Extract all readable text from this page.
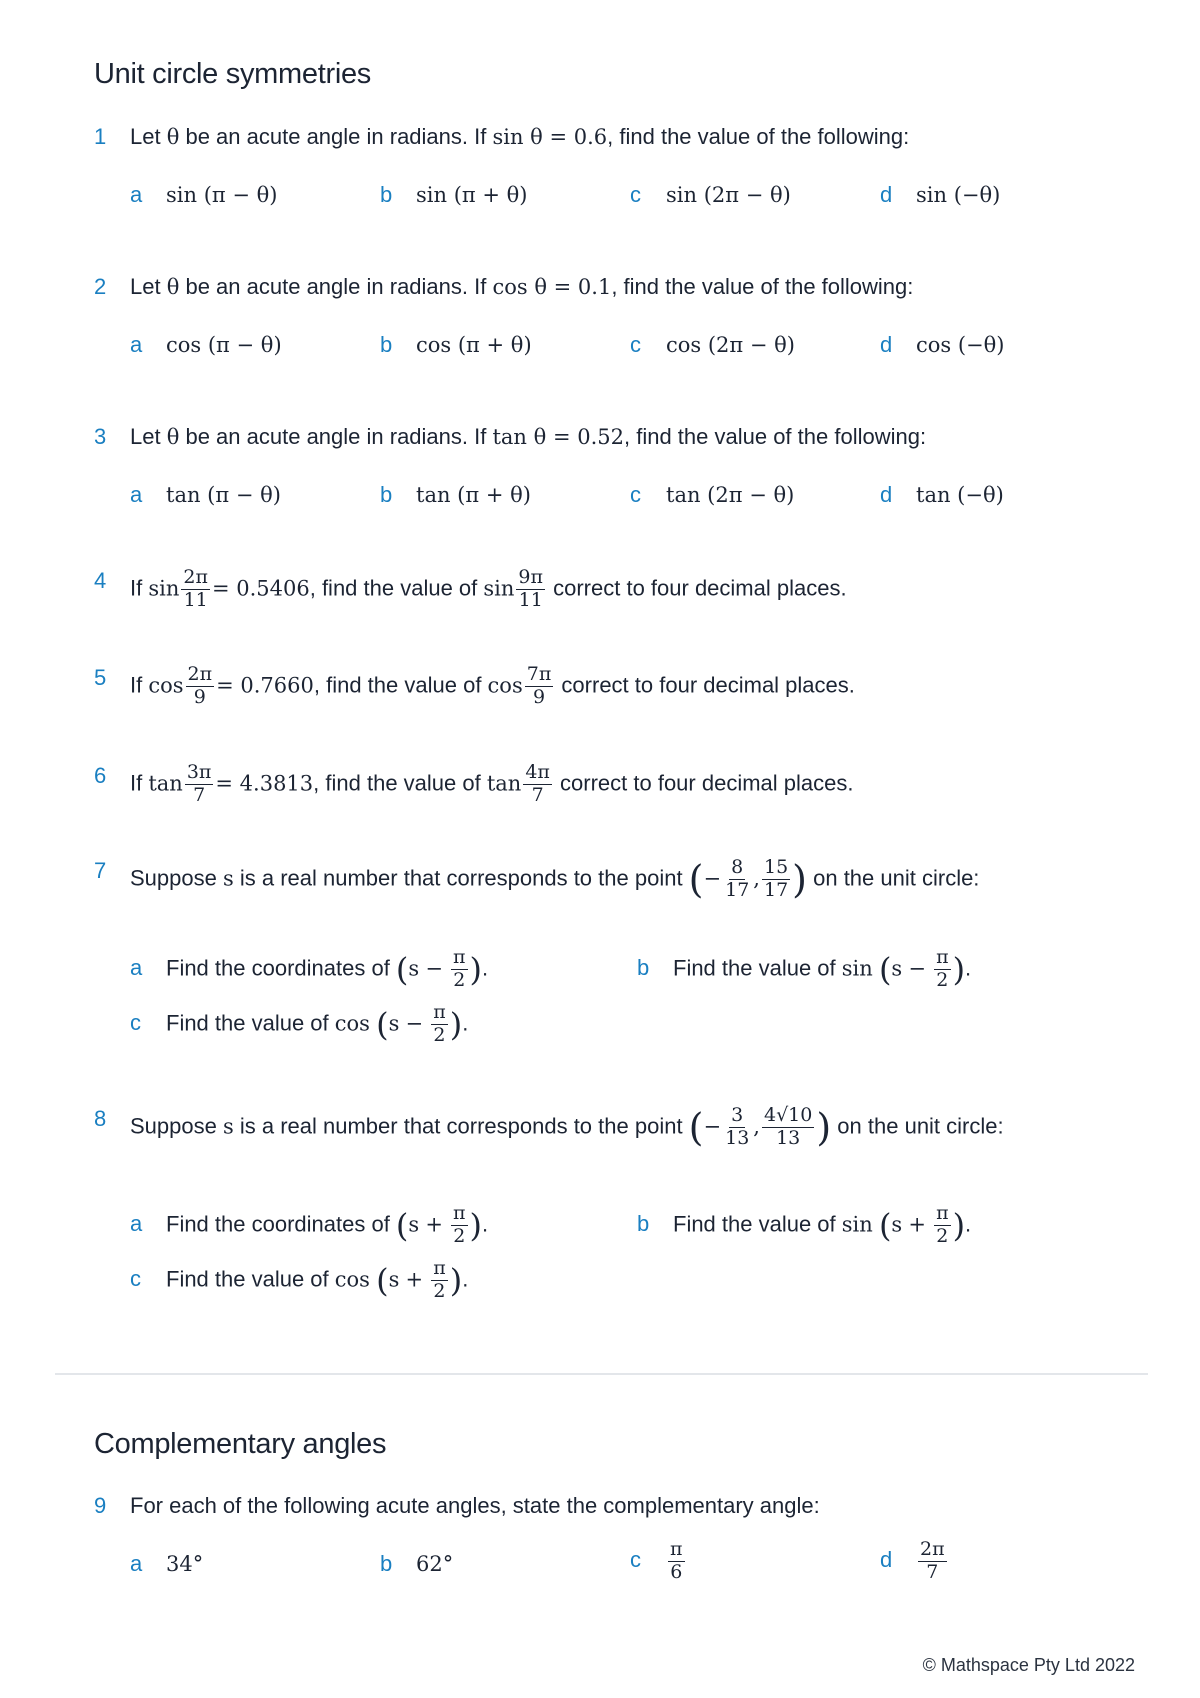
Unit circle symmetries
1 Let θ be an acute angle in radians. If sin θ = 0.6, find the value of the following:
a sin (π − θ)	b sin (π + θ)	c sin (2π − θ)	d sin (−θ)
2 Let θ be an acute angle in radians. If cos θ = 0.1, find the value of the following:
a cos (π − θ)	b cos (π + θ)	c cos (2π − θ)	d cos (−θ)
3 Let θ be an acute angle in radians. If tan θ = 0.52, find the value of the following:
a tan (π − θ)	b tan (π + θ)	c tan (2π − θ)	d tan (−θ)
4 If $\sin \frac{2\pi}{11} = 0.5406$, find the value of $\sin \frac{9\pi}{11}$ correct to four decimal places.
5 If $\cos \frac{2\pi}{9} = 0.7660$, find the value of $\cos \frac{7\pi}{9}$ correct to four decimal places.
6 If $\tan \frac{3\pi}{7} = 4.3813$, find the value of $\tan \frac{4\pi}{7}$ correct to four decimal places.
7 Suppose s is a real number that corresponds to the point (− $\frac{8}{17}$ , $\frac{15}{17}$ ) on the unit circle:
a Find the coordinates of ($s - \frac{\pi}{2}$ ).	b Find the value of $\sin (s - \frac{\pi}{2}$ ).
c Find the value of $\cos (s - \frac{\pi}{2}$ ).
8 Suppose s is a real number that corresponds to the point (− $\frac{3}{13}$ , $\frac{4√10}{13}$ ) on the unit circle:
a Find the coordinates of ($s + \frac{\pi}{2}$ ).	b Find the value of $\sin (s + \frac{\pi}{2}$ ).
c Find the value of $\cos (s + \frac{\pi}{2}$ ).
Complementary angles
9 For each of the following acute angles, state the complementary angle:
a 34°	b 62°	c $\frac{\pi}{6}$	d $\frac{2\pi}{7}$
© Mathspace Pty Ltd 2022
